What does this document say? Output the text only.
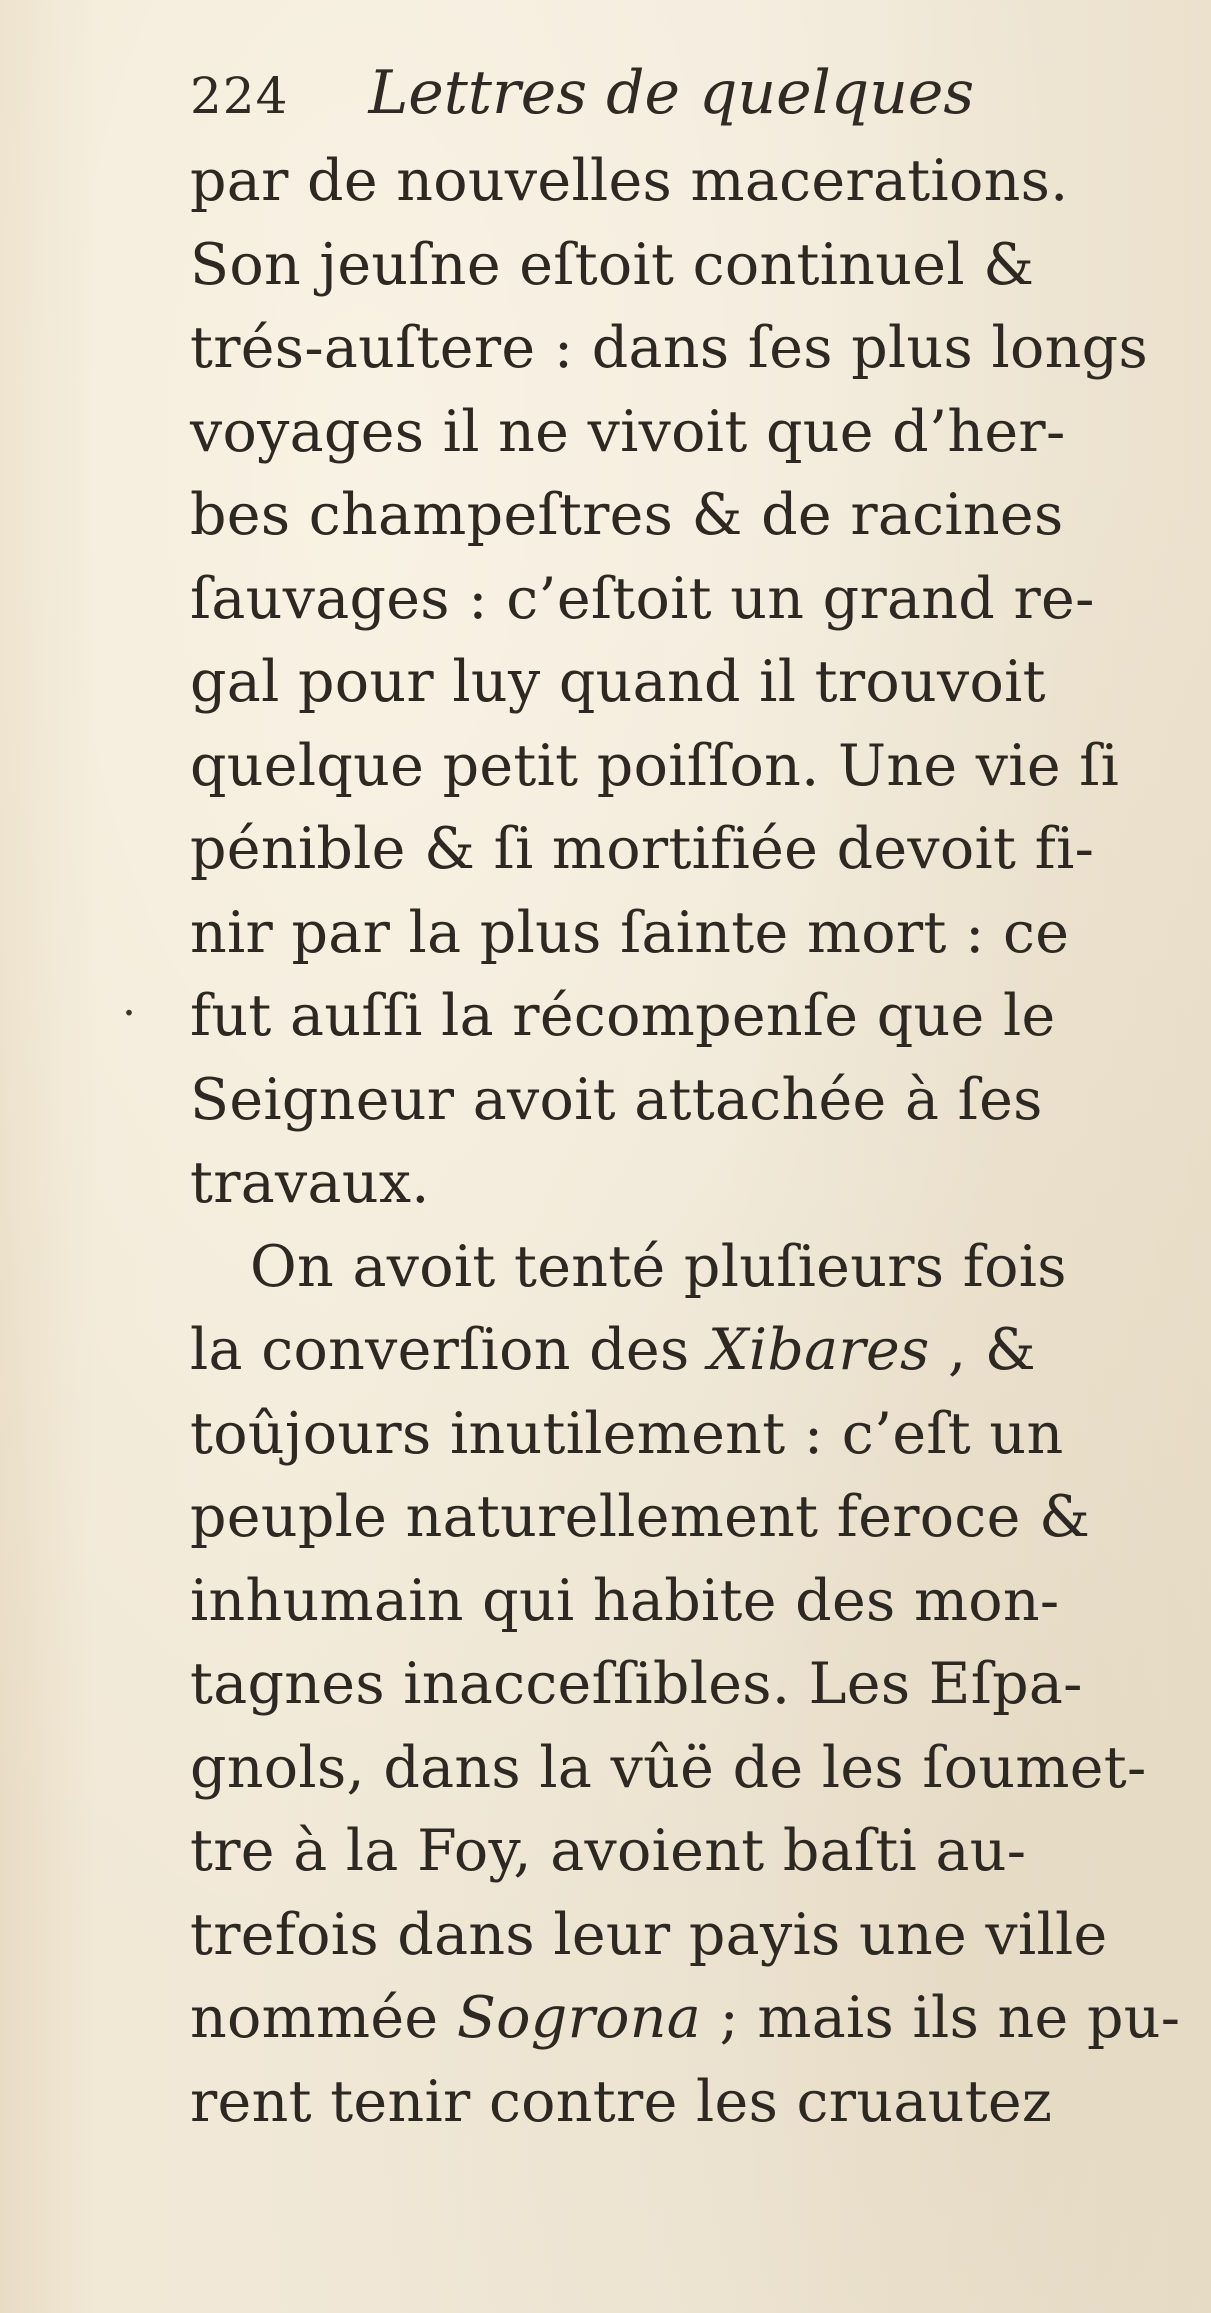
224 Lettres de quelques
.
par de nouvelles macerations.
Son jeuſne eſtoit continuel &
trés-auſtere : dans ſes plus longs
voyages il ne vivoit que d’her-
bes champeſtres & de racines
ſauvages : c’eſtoit un grand re-
gal pour luy quand il trouvoit
quelque petit poiſſon. Une vie ſi
pénible & ſi mortifiée devoit fi-
nir par la plus ſainte mort : ce
fut auſſi la récompenſe que le
Seigneur avoit attachée à ſes
travaux.
On avoit tenté pluſieurs fois
la converſion des Xibares , &
toûjours inutilement : c’eſt un
peuple naturellement feroce &
inhumain qui habite des mon-
tagnes inacceſſibles. Les Eſpa-
gnols, dans la vûë de les ſoumet-
tre à la Foy, avoient baſti au-
trefois dans leur payis une ville
nommée Sogrona ; mais ils ne pu-
rent tenir contre les cruautez
